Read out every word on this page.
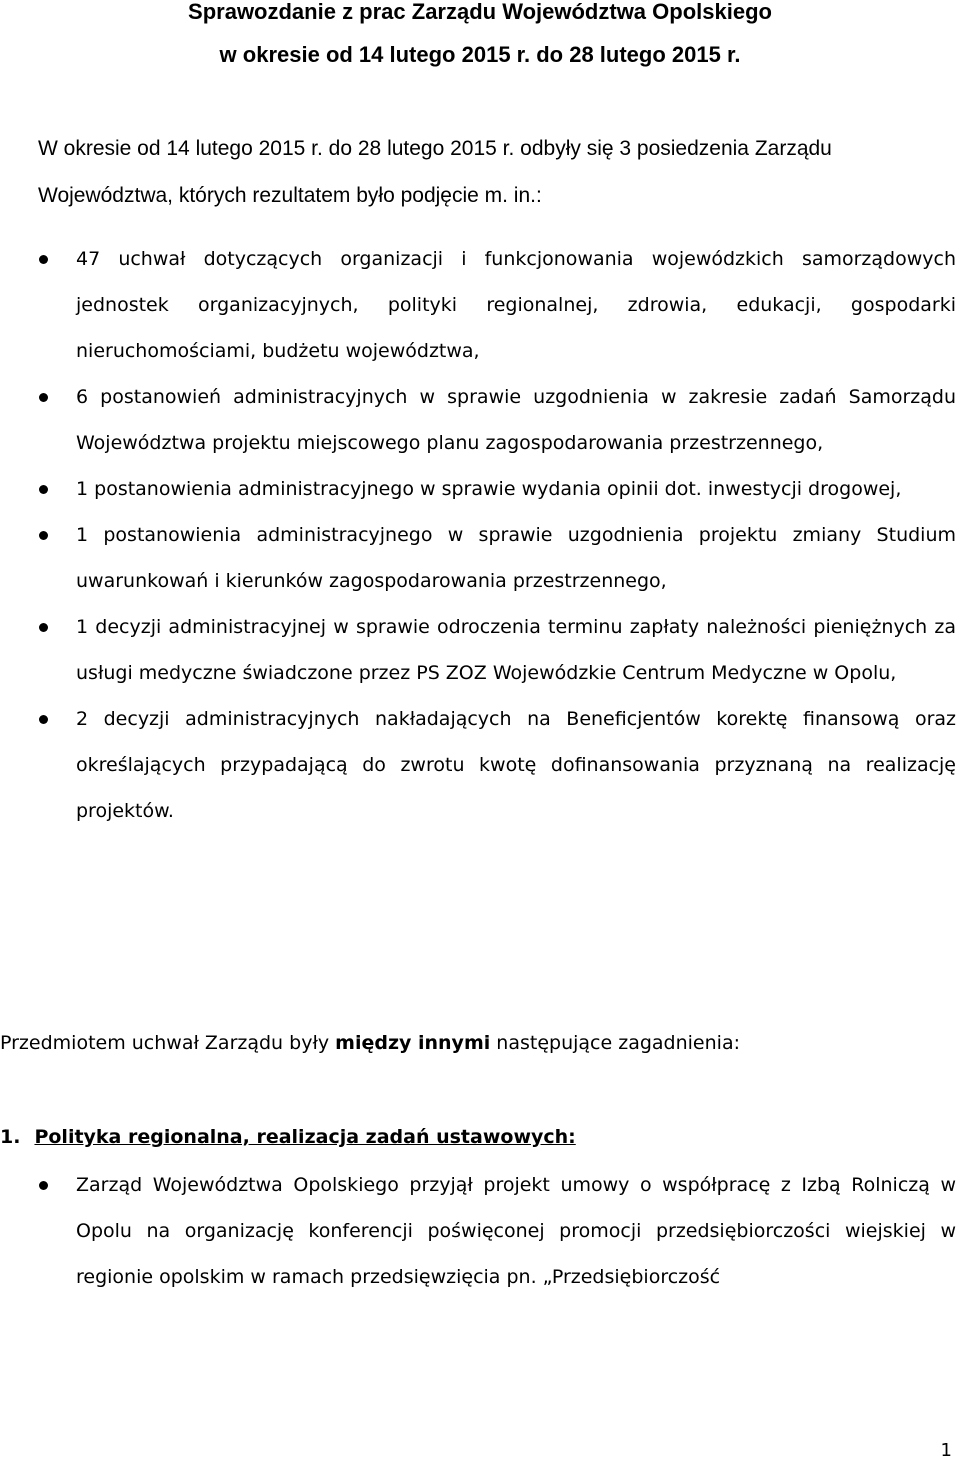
Sprawozdanie z prac Zarządu Województwa Opolskiego

w okresie od 14 lutego 2015 r. do 28 lutego 2015 r.

W okresie od 14 lutego 2015 r. do 28 lutego 2015 r. odbyły się 3 posiedzenia Zarządu Województwa, których rezultatem było podjęcie m. in.:

47 uchwał dotyczących organizacji i funkcjonowania wojewódzkich samorządowych jednostek organizacyjnych, polityki regionalnej, zdrowia, edukacji, gospodarki nieruchomościami, budżetu województwa,
6 postanowień administracyjnych w sprawie uzgodnienia w zakresie zadań Samorządu Województwa projektu miejscowego planu zagospodarowania przestrzennego,
1 postanowienia administracyjnego w sprawie wydania opinii dot. inwestycji drogowej,
1 postanowienia administracyjnego w sprawie uzgodnienia projektu zmiany Studium uwarunkowań i kierunków zagospodarowania przestrzennego,
1 decyzji administracyjnej w sprawie odroczenia terminu zapłaty należności pieniężnych za usługi medyczne świadczone przez PS ZOZ Wojewódzkie Centrum Medyczne w Opolu,
2 decyzji administracyjnych nakładających na Beneficjentów korektę finansową oraz określających przypadającą do zwrotu kwotę dofinansowania przyznaną na realizację projektów.

Przedmiotem uchwał Zarządu były między innymi następujące zagadnienia:

1. Polityka regionalna, realizacja zadań ustawowych:

Zarząd Województwa Opolskiego przyjął projekt umowy o współpracę z Izbą Rolniczą w Opolu na organizację konferencji poświęconej promocji przedsiębiorczości wiejskiej w regionie opolskim w ramach przedsięwzięcia pn. „Przedsiębiorczość
1
